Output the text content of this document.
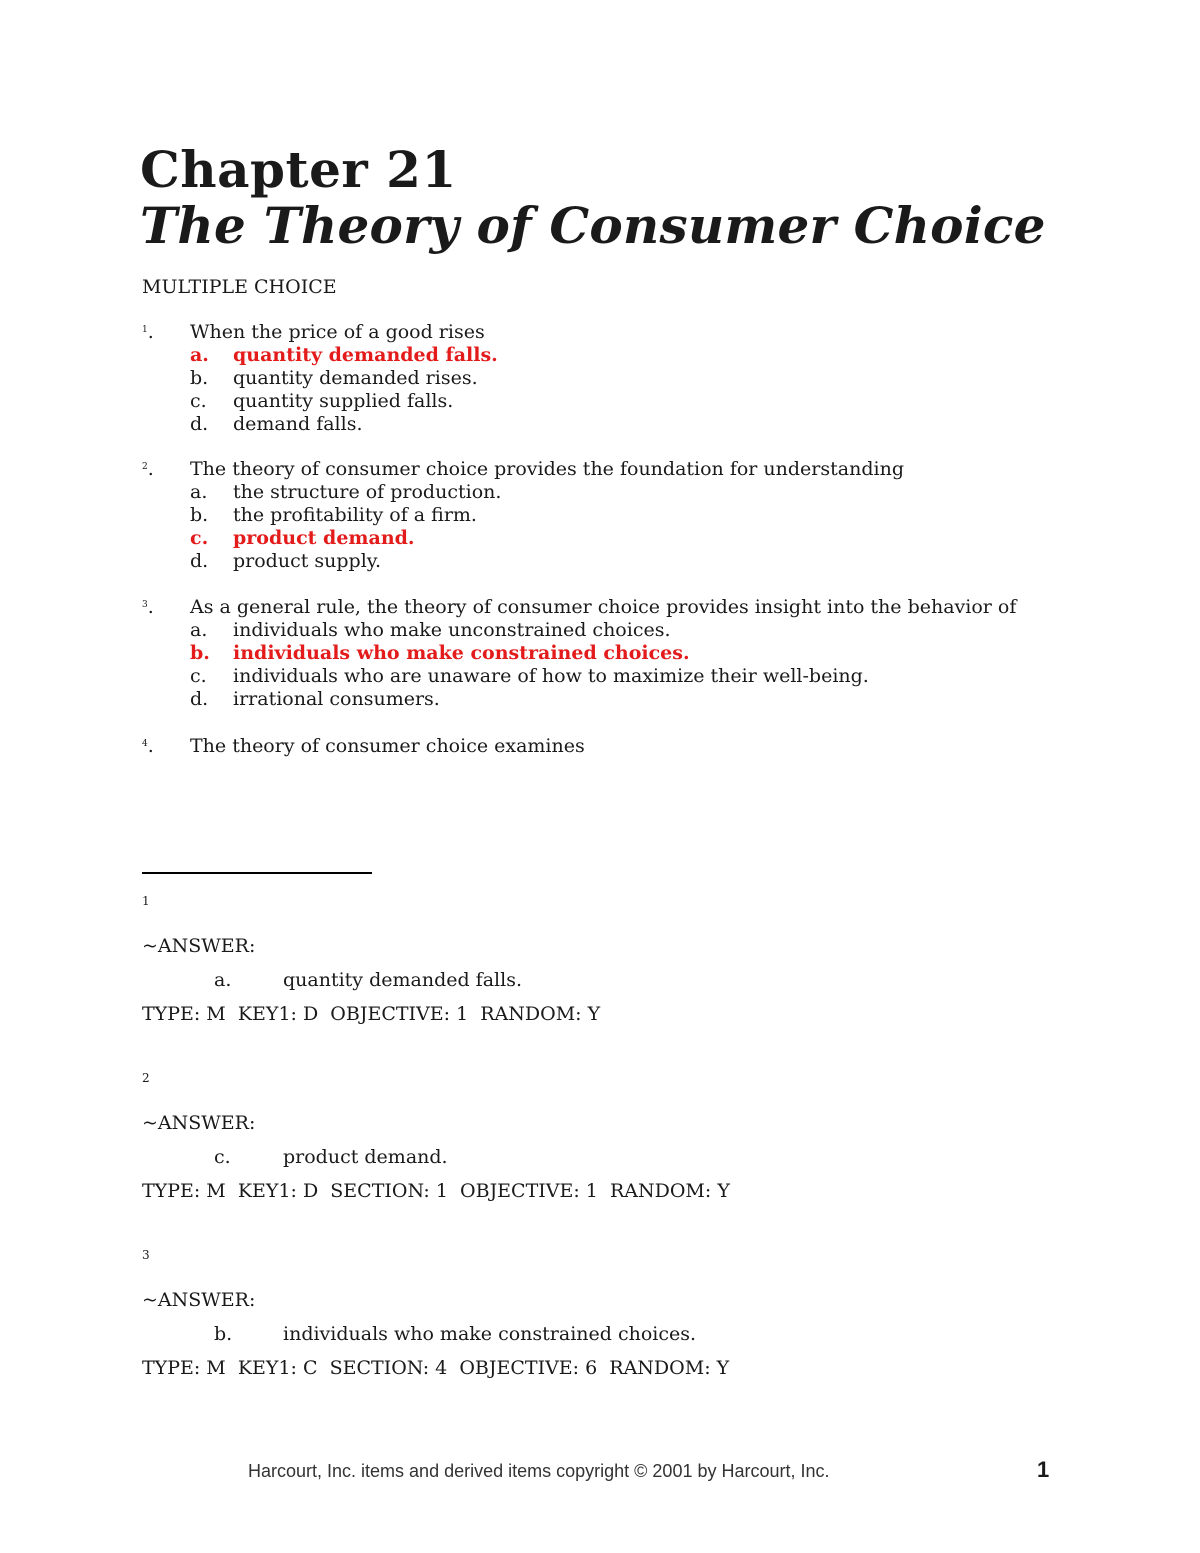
Chapter 21
The Theory of Consumer Choice
MULTIPLE CHOICE
$^1$. When the price of a good rises
a. quantity demanded falls.
b. quantity demanded rises.
c. quantity supplied falls.
d. demand falls.
$^2$. The theory of consumer choice provides the foundation for understanding
a. the structure of production.
b. the profitability of a firm.
c. product demand.
d. product supply.
$^3$. As a general rule, the theory of consumer choice provides insight into the behavior of
a. individuals who make unconstrained choices.
b. individuals who make constrained choices.
c. individuals who are unaware of how to maximize their well-being.
d. irrational consumers.
$^4$. The theory of consumer choice examines
1
~ANSWER:
a.	quantity demanded falls.
TYPE: M  KEY1: D  OBJECTIVE: 1  RANDOM: Y
2
~ANSWER:
c.	product demand.
TYPE: M  KEY1: D  SECTION: 1  OBJECTIVE: 1  RANDOM: Y
3
~ANSWER:
b.	individuals who make constrained choices.
TYPE: M  KEY1: C  SECTION: 4  OBJECTIVE: 6  RANDOM: Y
Harcourt, Inc. items and derived items copyright © 2001 by Harcourt, Inc.	1
